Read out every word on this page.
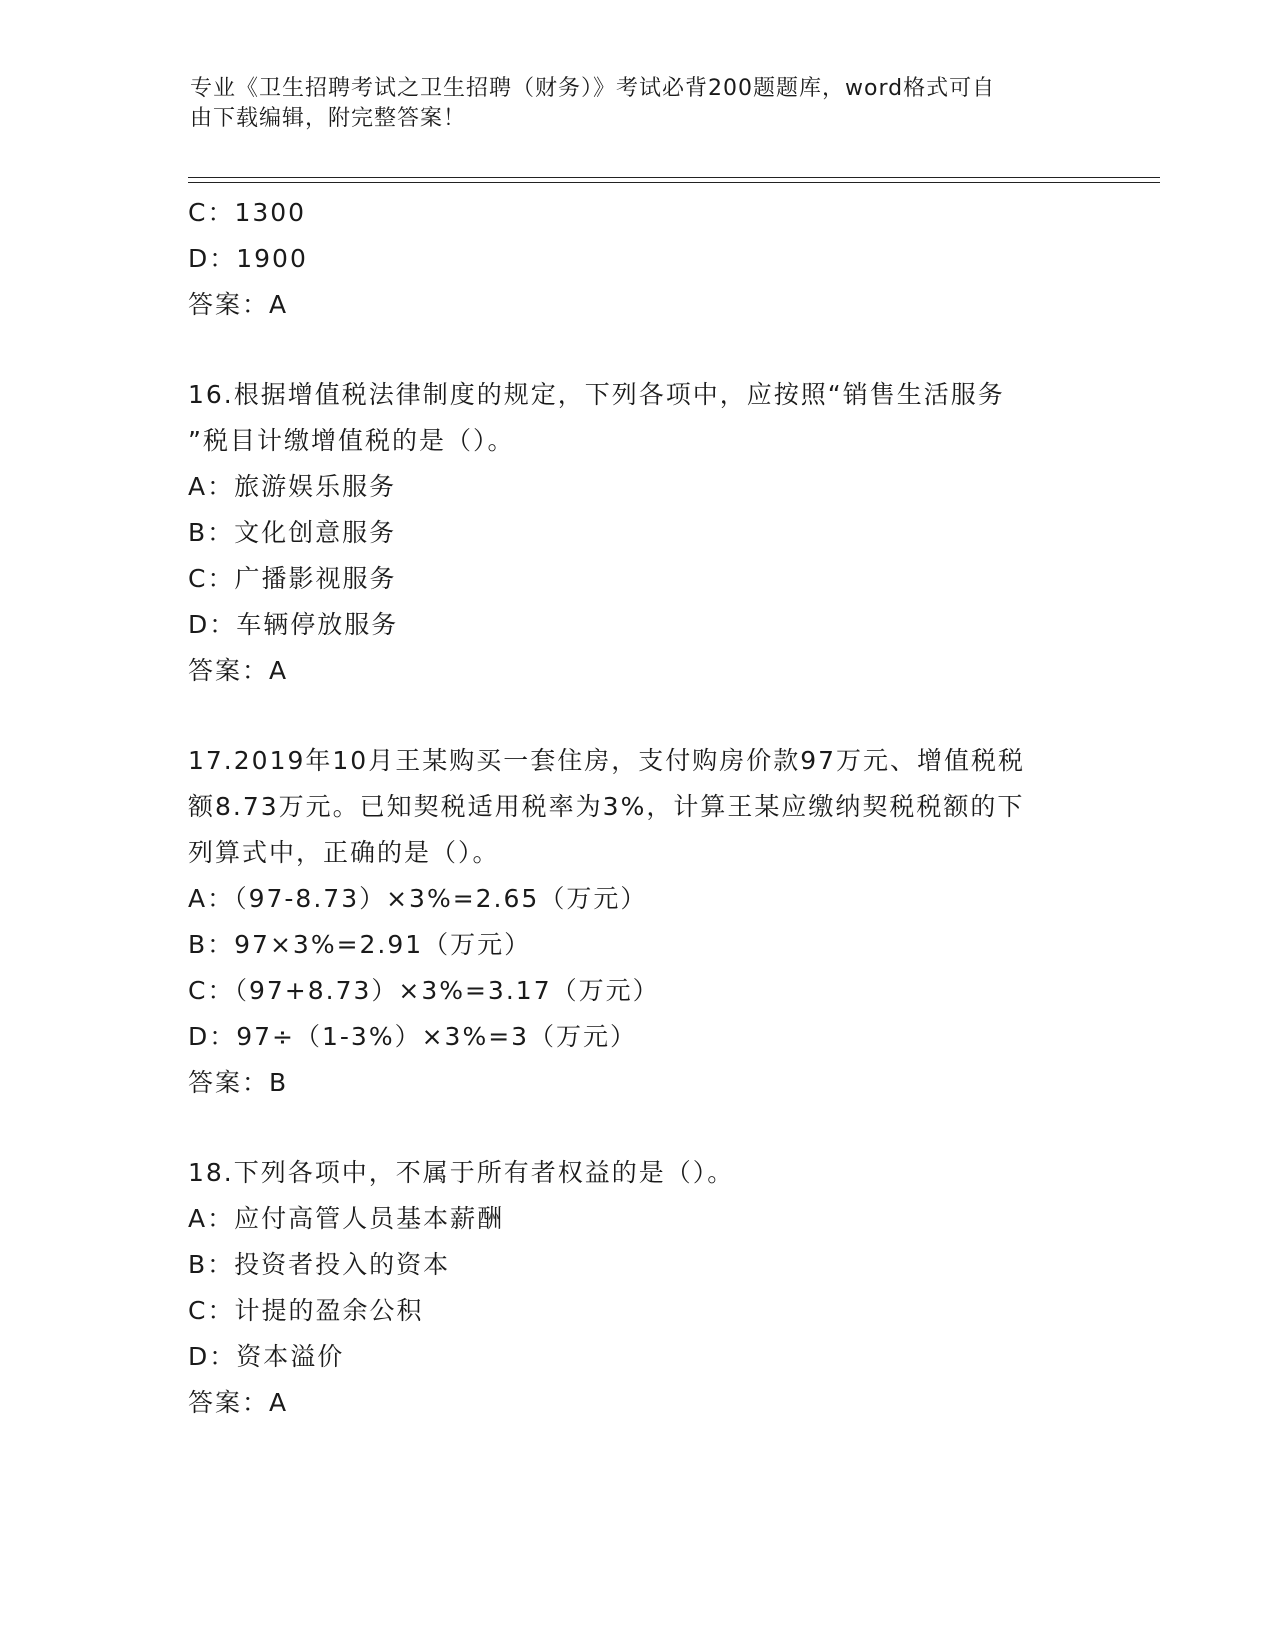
专业《卫生招聘考试之卫生招聘（财务）》考试必背200题题库，word格式可自
由下载编辑，附完整答案！
C：1300
D：1900
答案：A
16.根据增值税法律制度的规定，下列各项中，应按照“销售生活服务
”税目计缴增值税的是（）。
A：旅游娱乐服务
B：文化创意服务
C：广播影视服务
D：车辆停放服务
答案：A
17.2019年10月王某购买一套住房，支付购房价款97万元、增值税税
额8.73万元。已知契税适用税率为3%，计算王某应缴纳契税税额的下
列算式中，正确的是（）。
A：（97-8.73）×3%=2.65（万元）
B：97×3%=2.91（万元）
C：（97+8.73）×3%=3.17（万元）
D：97÷（1-3%）×3%=3（万元）
答案：B
18.下列各项中，不属于所有者权益的是（）。
A：应付高管人员基本薪酬
B：投资者投入的资本
C：计提的盈余公积
D：资本溢价
答案：A
